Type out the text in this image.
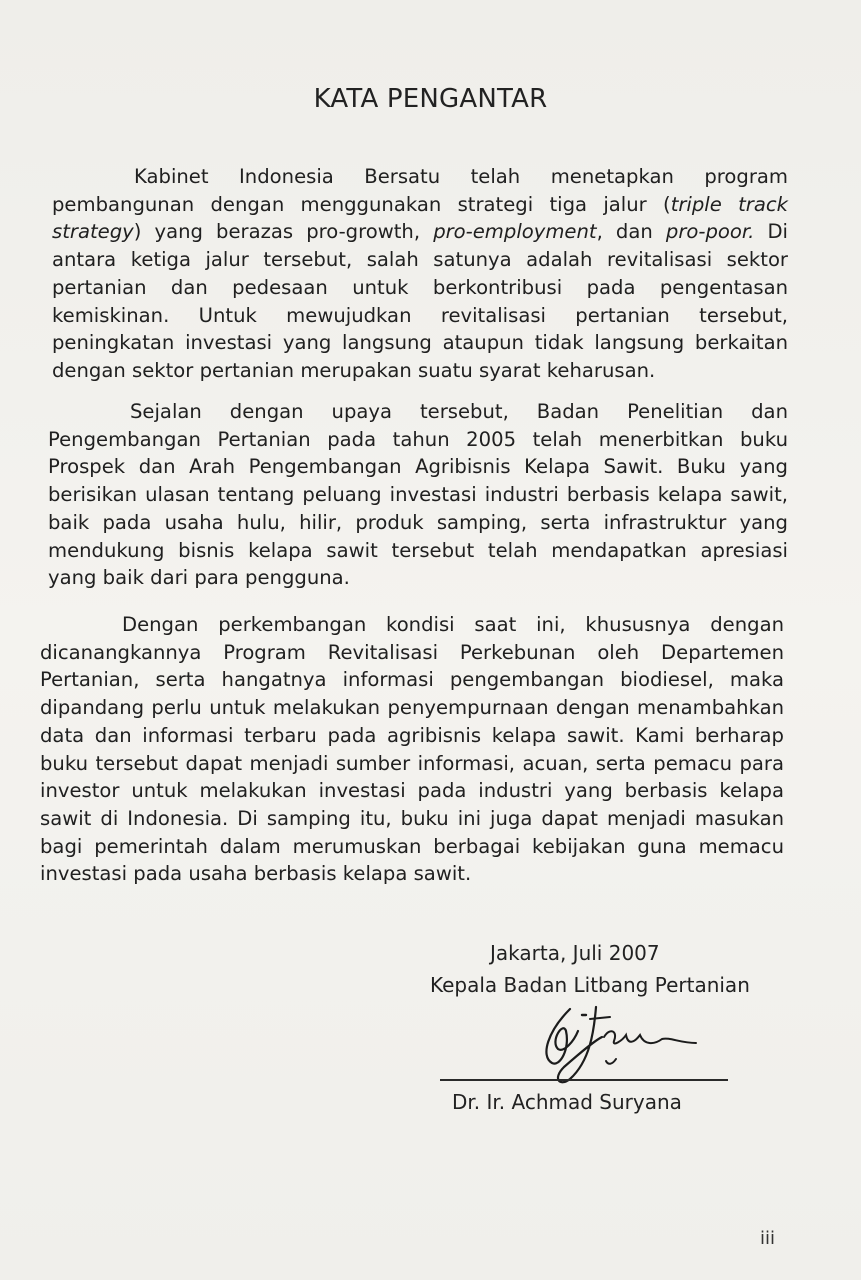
KATA PENGANTAR
Kabinet Indonesia Bersatu telah menetapkan program pembangunan dengan menggunakan strategi tiga jalur (triple track strategy) yang berazas pro-growth, pro-employment, dan pro-poor. Di antara ketiga jalur tersebut, salah satunya adalah revitalisasi sektor pertanian dan pedesaan untuk berkontribusi pada pengentasan kemiskinan. Untuk mewujudkan revitalisasi pertanian tersebut, peningkatan investasi yang langsung ataupun tidak langsung berkaitan dengan sektor pertanian merupakan suatu syarat keharusan.
Sejalan dengan upaya tersebut, Badan Penelitian dan Pengembangan Pertanian pada tahun 2005 telah menerbitkan buku Prospek dan Arah Pengembangan Agribisnis Kelapa Sawit. Buku yang berisikan ulasan tentang peluang investasi industri berbasis kelapa sawit, baik pada usaha hulu, hilir, produk samping, serta infrastruktur yang mendukung bisnis kelapa sawit tersebut telah mendapatkan apresiasi yang baik dari para pengguna.
Dengan perkembangan kondisi saat ini, khususnya dengan dicanangkannya Program Revitalisasi Perkebunan oleh Departemen Pertanian, serta hangatnya informasi pengembangan biodiesel, maka dipandang perlu untuk melakukan penyempurnaan dengan menambahkan data dan informasi terbaru pada agribisnis kelapa sawit. Kami berharap buku tersebut dapat menjadi sumber informasi, acuan, serta pemacu para investor untuk melakukan investasi pada industri yang berbasis kelapa sawit di Indonesia. Di samping itu, buku ini juga dapat menjadi masukan bagi pemerintah dalam merumuskan berbagai kebijakan guna memacu investasi pada usaha berbasis kelapa sawit.
Jakarta, Juli 2007
Kepala Badan Litbang Pertanian
Dr. Ir. Achmad Suryana
iii
